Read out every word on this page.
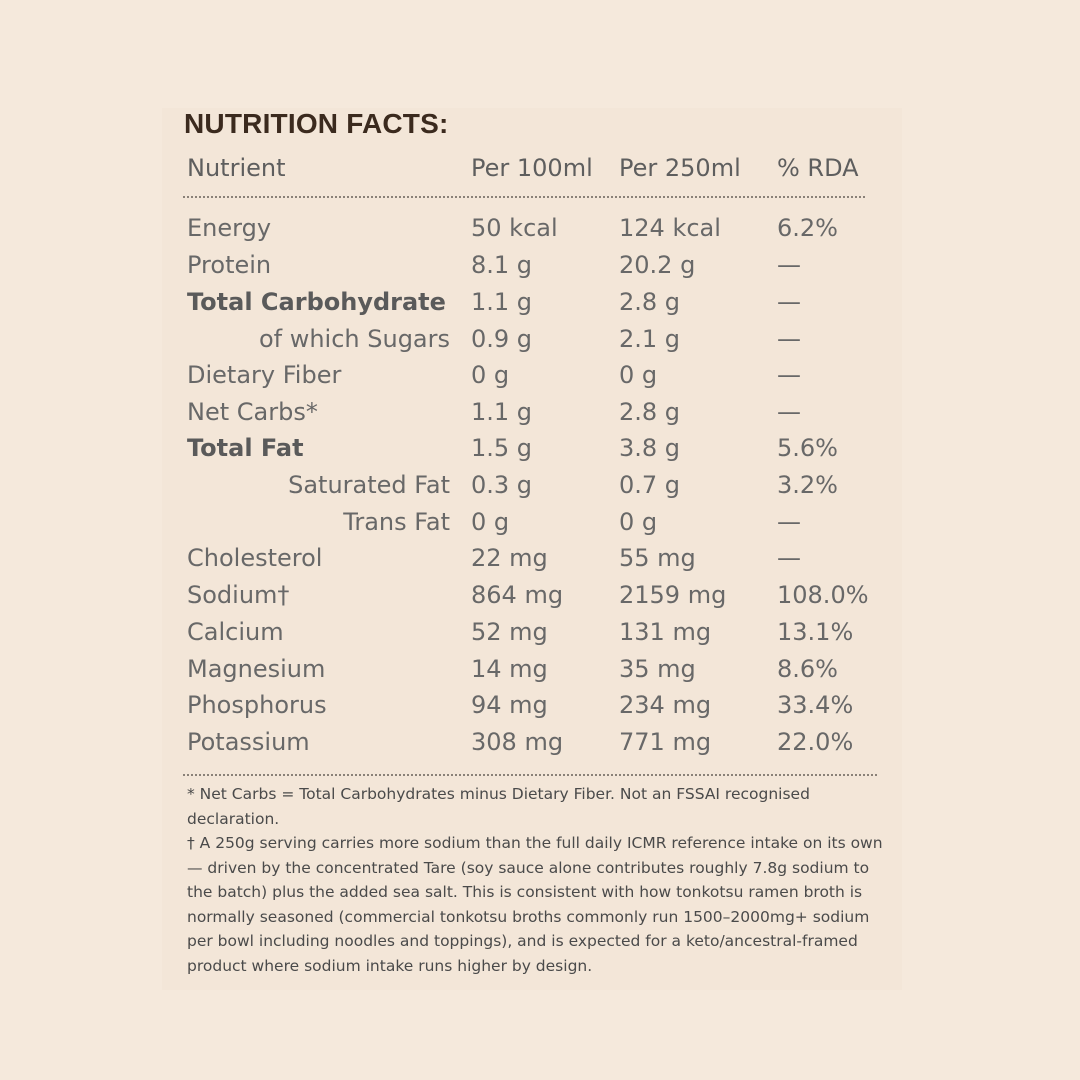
NUTRITION FACTS:
Nutrient	Per 100ml Per 250ml % RDA
Energy	50 kcal	124 kcal 6.2%
Protein	8.1 g	20.2 g	—
Total Carbohydrate 1.1 g	2.8 g	—
of which Sugars 0.9 g	2.1 g	—
Dietary Fiber	0 g	0 g	—
Net Carbs*	1.1 g	2.8 g	—
Total Fat	1.5 g	3.8 g	5.6%
Saturated Fat 0.3 g	0.7 g	3.2%
Trans Fat 0 g	0 g	—
Cholesterol	22 mg	55 mg	—
Sodium†	864 mg 2159 mg 108.0%
Calcium	52 mg	131 mg	13.1%
Magnesium	14 mg	35 mg	8.6%
Phosphorus	94 mg	234 mg	33.4%
Potassium	308 mg 771 mg	22.0%

* Net Carbs = Total Carbohydrates minus Dietary Fiber. Not an FSSAI recognised declaration.

† A 250g serving carries more sodium than the full daily ICMR reference intake on its own — driven by the concentrated Tare (soy sauce alone contributes roughly 7.8g sodium to the batch) plus the added sea salt. This is consistent with how tonkotsu ramen broth is normally seasoned (commercial tonkotsu broths commonly run 1500–2000mg+ sodium per bowl including noodles and toppings), and is expected for a keto/ancestral-framed product where sodium intake runs higher by design.
